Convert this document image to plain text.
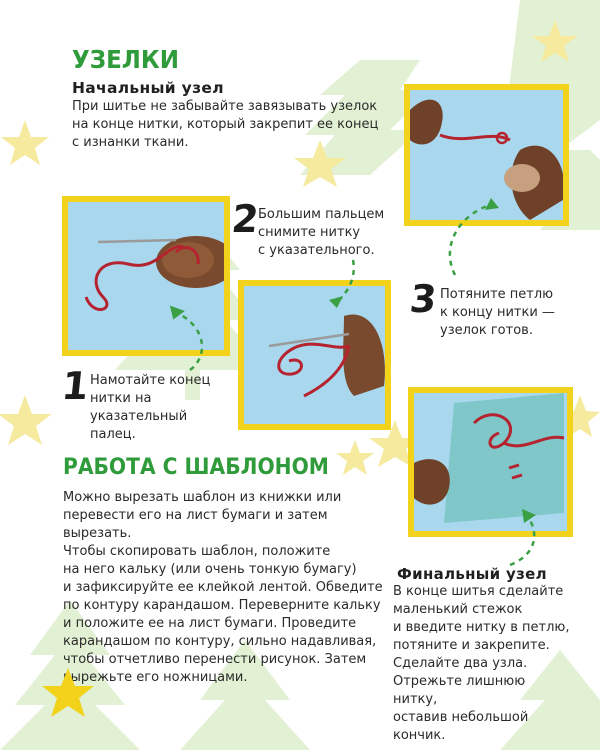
УЗЕЛКИ
Начальный узел
При шитье не забывайте завязывать узелок
на конце нитки, который закрепит ее конец
с изнанки ткани.
1 Намотайте конец
нитки на указательный
палец.
2
Большим пальцем
снимите нитку
с указательного.
3 Потяните петлю
к концу нитки —
узелок готов.
РАБОТА С ШАБЛОНОМ
Можно вырезать шаблон из книжки или
перевести его на лист бумаги и затем вырезать.
Чтобы скопировать шаблон, положите
на него кальку (или очень тонкую бумагу)
и зафиксируйте ее клейкой лентой. Обведите
по контуру карандашом. Переверните кальку
и положите ее на лист бумаги. Проведите
карандашом по контуру, сильно надавливая,
чтобы отчетливо перенести рисунок. Затем
вырежьте его ножницами.
Финальный узел
В конце шитья сделайте
маленький стежок
и введите нитку в петлю,
потяните и закрепите.
Сделайте два узла.
Отрежьте лишнюю нитку,
оставив небольшой кончик.
